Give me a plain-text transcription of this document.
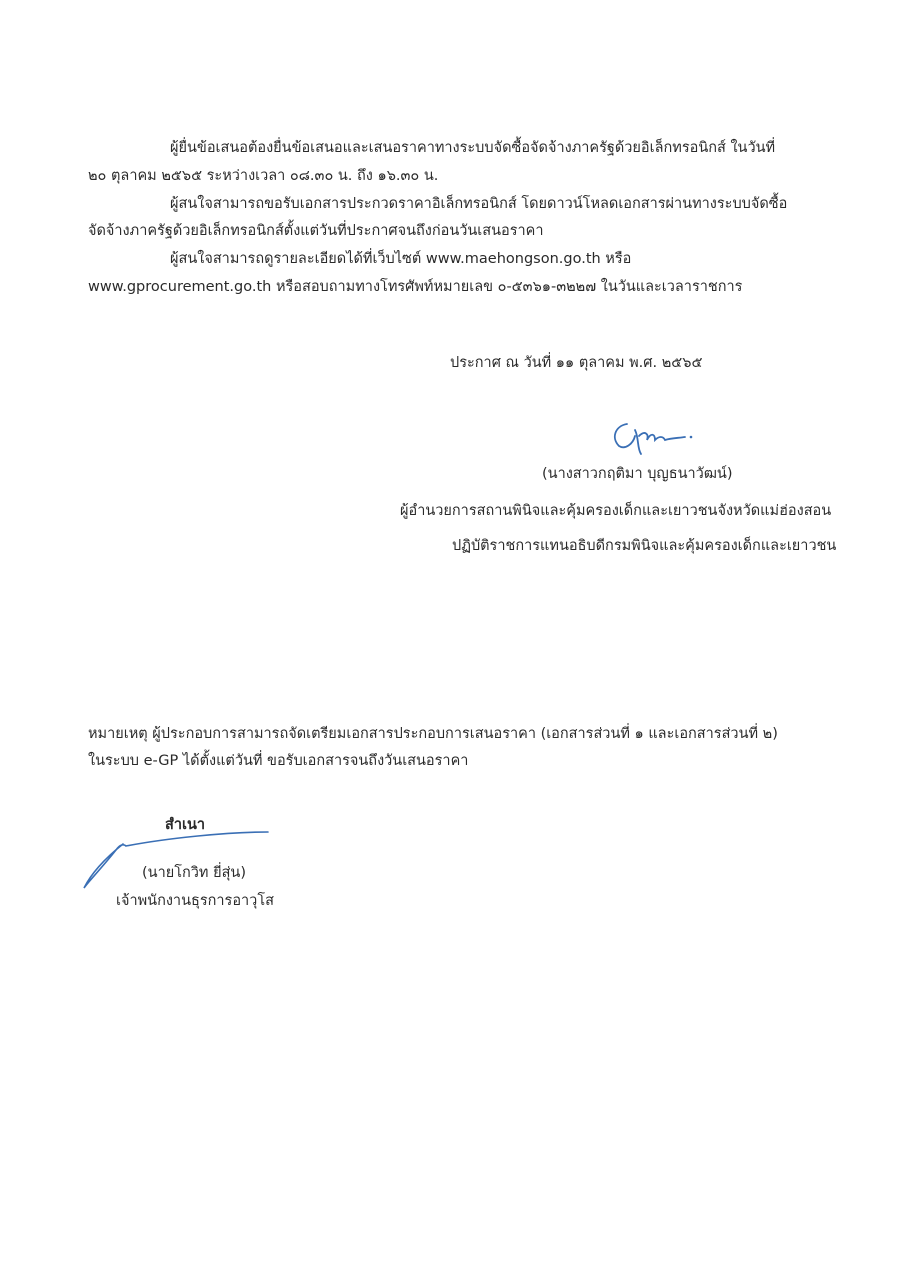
ผู้ยื่นข้อเสนอต้องยื่นข้อเสนอและเสนอราคาทางระบบจัดซื้อจัดจ้างภาครัฐด้วยอิเล็กทรอนิกส์ ในวันที่
๒๐ ตุลาคม ๒๕๖๕ ระหว่างเวลา ๐๘.๓๐ น. ถึง ๑๖.๓๐ น.
ผู้สนใจสามารถขอรับเอกสารประกวดราคาอิเล็กทรอนิกส์ โดยดาวน์โหลดเอกสารผ่านทางระบบจัดซื้อ
จัดจ้างภาครัฐด้วยอิเล็กทรอนิกส์ตั้งแต่วันที่ประกาศจนถึงก่อนวันเสนอราคา
ผู้สนใจสามารถดูรายละเอียดได้ที่เว็บไซต์ www.maehongson.go.th หรือ
www.gprocurement.go.th หรือสอบถามทางโทรศัพท์หมายเลข ๐-๕๓๖๑-๓๒๒๗ ในวันและเวลาราชการ
ประกาศ ณ วันที่ ๑๑ ตุลาคม พ.ศ. ๒๕๖๕
(นางสาวกฤติมา บุญธนาวัฒน์)
ผู้อำนวยการสถานพินิจและคุ้มครองเด็กและเยาวชนจังหวัดแม่ฮ่องสอน
ปฏิบัติราชการแทนอธิบดีกรมพินิจและคุ้มครองเด็กและเยาวชน
หมายเหตุ ผู้ประกอบการสามารถจัดเตรียมเอกสารประกอบการเสนอราคา (เอกสารส่วนที่ ๑ และเอกสารส่วนที่ ๒)
ในระบบ e-GP ได้ตั้งแต่วันที่ ขอรับเอกสารจนถึงวันเสนอราคา
สำเนา
(นายโกวิท ยี่สุ่น)
เจ้าพนักงานธุรการอาวุโส
